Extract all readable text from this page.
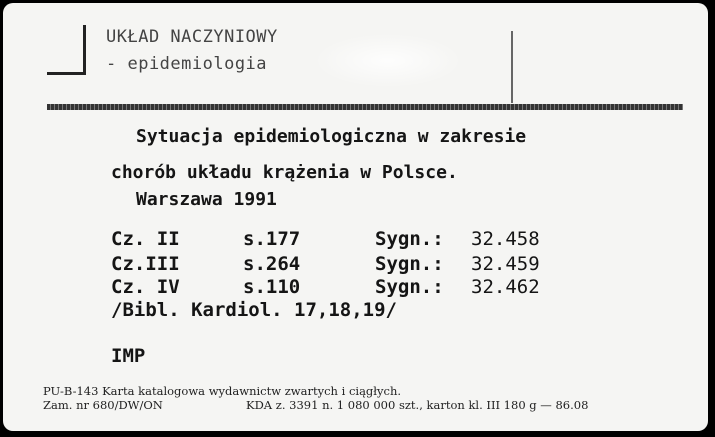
UKŁAD NACZYNIOWY
- epidemiologia
Sytuacja epidemiologiczna w zakresie
chorób układu krążenia w Polsce.
Warszawa 1991
Cz. II	s.177	Sygn.: 32.458
Cz.III	s.264	Sygn.: 32.459
Cz. IV	s.110	Sygn.: 32.462
/Bibl. Kardiol. 17,18,19/
IMP
PU-B-143 Karta katalogowa wydawnictw zwartych i ciągłych.
Zam. nr 680/DW/ON	KDA z. 3391 n. 1 080 000 szt., karton kl. III 180 g — 86.08
